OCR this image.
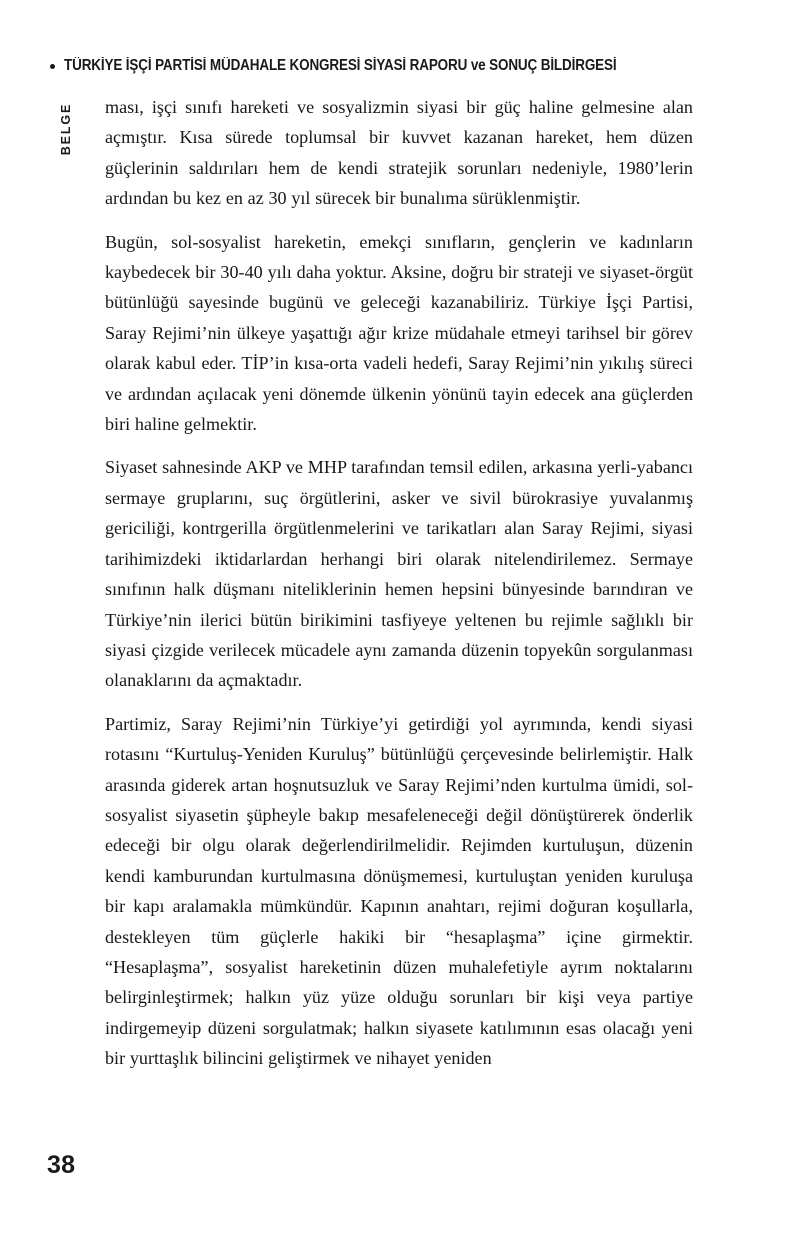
TÜRKİYE İŞÇİ PARTİSİ MÜDAHALE KONGRESİ SİYASİ RAPORU ve SONUÇ BİLDİRGESİ
BELGE ması, işçi sınıfı hareketi ve sosyalizmin siyasi bir güç haline gelmesine alan açmıştır. Kısa sürede toplumsal bir kuvvet kazanan hareket, hem düzen güçlerinin saldırıları hem de kendi stratejik sorunları nedeniyle, 1980’lerin ardından bu kez en az 30 yıl sürecek bir bunalıma sürüklenmiştir.

Bugün, sol-sosyalist hareketin, emekçi sınıfların, gençlerin ve kadınların kaybedecek bir 30-40 yılı daha yoktur. Aksine, doğru bir strateji ve siyaset-örgüt bütünlüğü sayesinde bugünü ve geleceği kazanabiliriz. Türkiye İşçi Partisi, Saray Rejimi’nin ülkeye yaşattığı ağır krize müdahale etmeyi tarihsel bir görev olarak kabul eder. TİP’in kısa-orta vadeli hedefi, Saray Rejimi’nin yıkılış süreci ve ardından açılacak yeni dönemde ülkenin yönünü tayin edecek ana güçlerden biri haline gelmektir.

Siyaset sahnesinde AKP ve MHP tarafından temsil edilen, arkasına yerli-yabancı sermaye gruplarını, suç örgütlerini, asker ve sivil bürokrasiye yuvalanmış gericiliği, kontrgerilla örgütlenmelerini ve tarikatları alan Saray Rejimi, siyasi tarihimizdeki iktidarlardan herhangi biri olarak nitelendirilemez. Sermaye sınıfının halk düşmanı niteliklerinin hemen hepsini bünyesinde barındıran ve Türkiye’nin ilerici bütün birikimini tasfiyeye yeltenen bu rejimle sağlıklı bir siyasi çizgide verilecek mücadele aynı zamanda düzenin topyekûn sorgulanması olanaklarını da açmaktadır.

Partimiz, Saray Rejimi’nin Türkiye’yi getirdiği yol ayrımında, kendi siyasi rotasını “Kurtuluş-Yeniden Kuruluş” bütünlüğü çerçevesinde belirlemiştir. Halk arasında giderek artan hoşnutsuzluk ve Saray Rejimi’nden kurtulma ümidi, sol-sosyalist siyasetin şüpheyle bakıp mesafeleneceği değil dönüştürerek önderlik edeceği bir olgu olarak değerlendirilmelidir. Rejimden kurtuluşun, düzenin kendi kamburundan kurtulmasına dönüşmemesi, kurtuluştan yeniden kuruluşa bir kapı aralamakla mümkündür. Kapının anahtarı, rejimi doğuran koşullarla, destekleyen tüm güçlerle hakiki bir “hesaplaşma” içine girmektir. “Hesaplaşma”, sosyalist hareketinin düzen muhalefetiyle ayrım noktalarını belirginleştirmek; halkın yüz yüze olduğu sorunları bir kişi veya partiye indirgemeyip düzeni sorgulatmak; halkın siyasete katılımının esas olacağı yeni bir yurttaşlık bilincini geliştirmek ve nihayet yeniden

38
